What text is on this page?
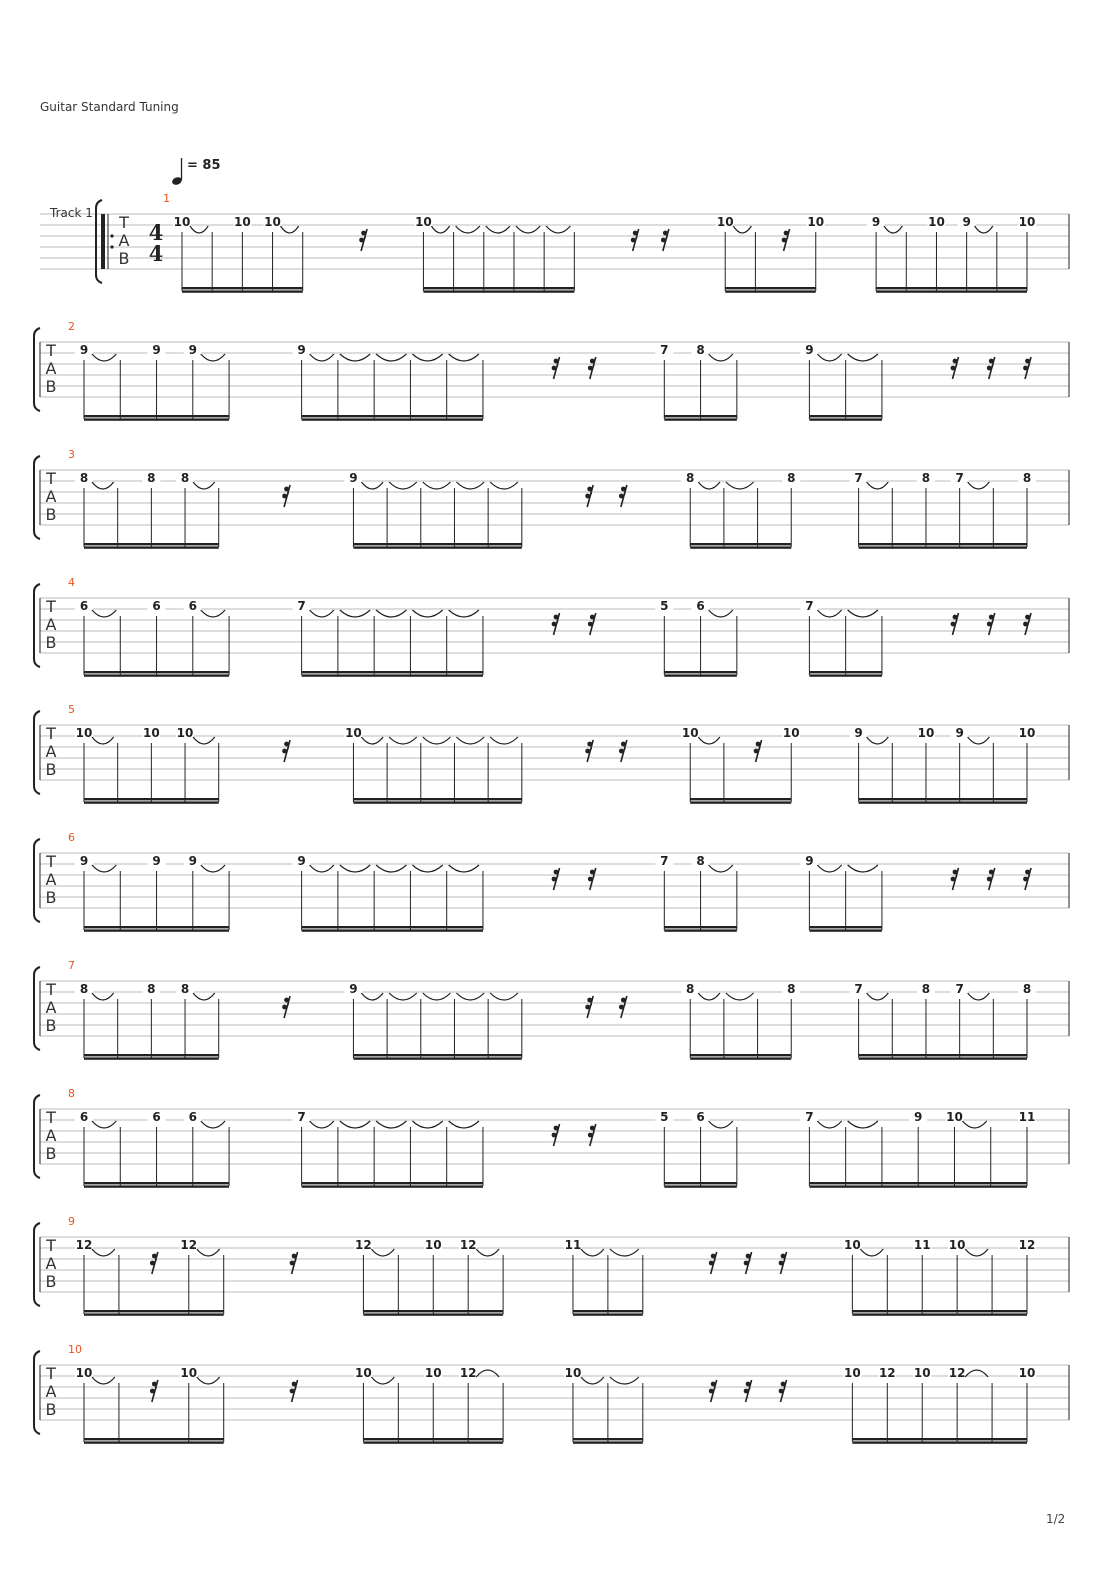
Guitar Standard Tuning
T
A
B
4
4
Track 1
= 85
1
10	10 10	10	10	10	9	10 9	10
T
A
B
2
9	9 9	9	7 8	9
T
A
B
3
8	8 8	9	8	8	7	8 7	8
T
A
B
4
6	6 6	7	5 6	7
T
A
B
5
10	10 10	10	10	10	9	10 9	10
T
A
B
6
9	9 9	9	7 8	9
T
A
B
7
8	8 8	9	8	8	7	8 7	8
T
A
B
8
6	6 6	7	5 6	7	9 10	11
T
A
B
9
12	12	12	10 12	11	10	11 10	12
T
A
B
10
10	10	10	10 12	10	10 12 10 12	10
1/2
